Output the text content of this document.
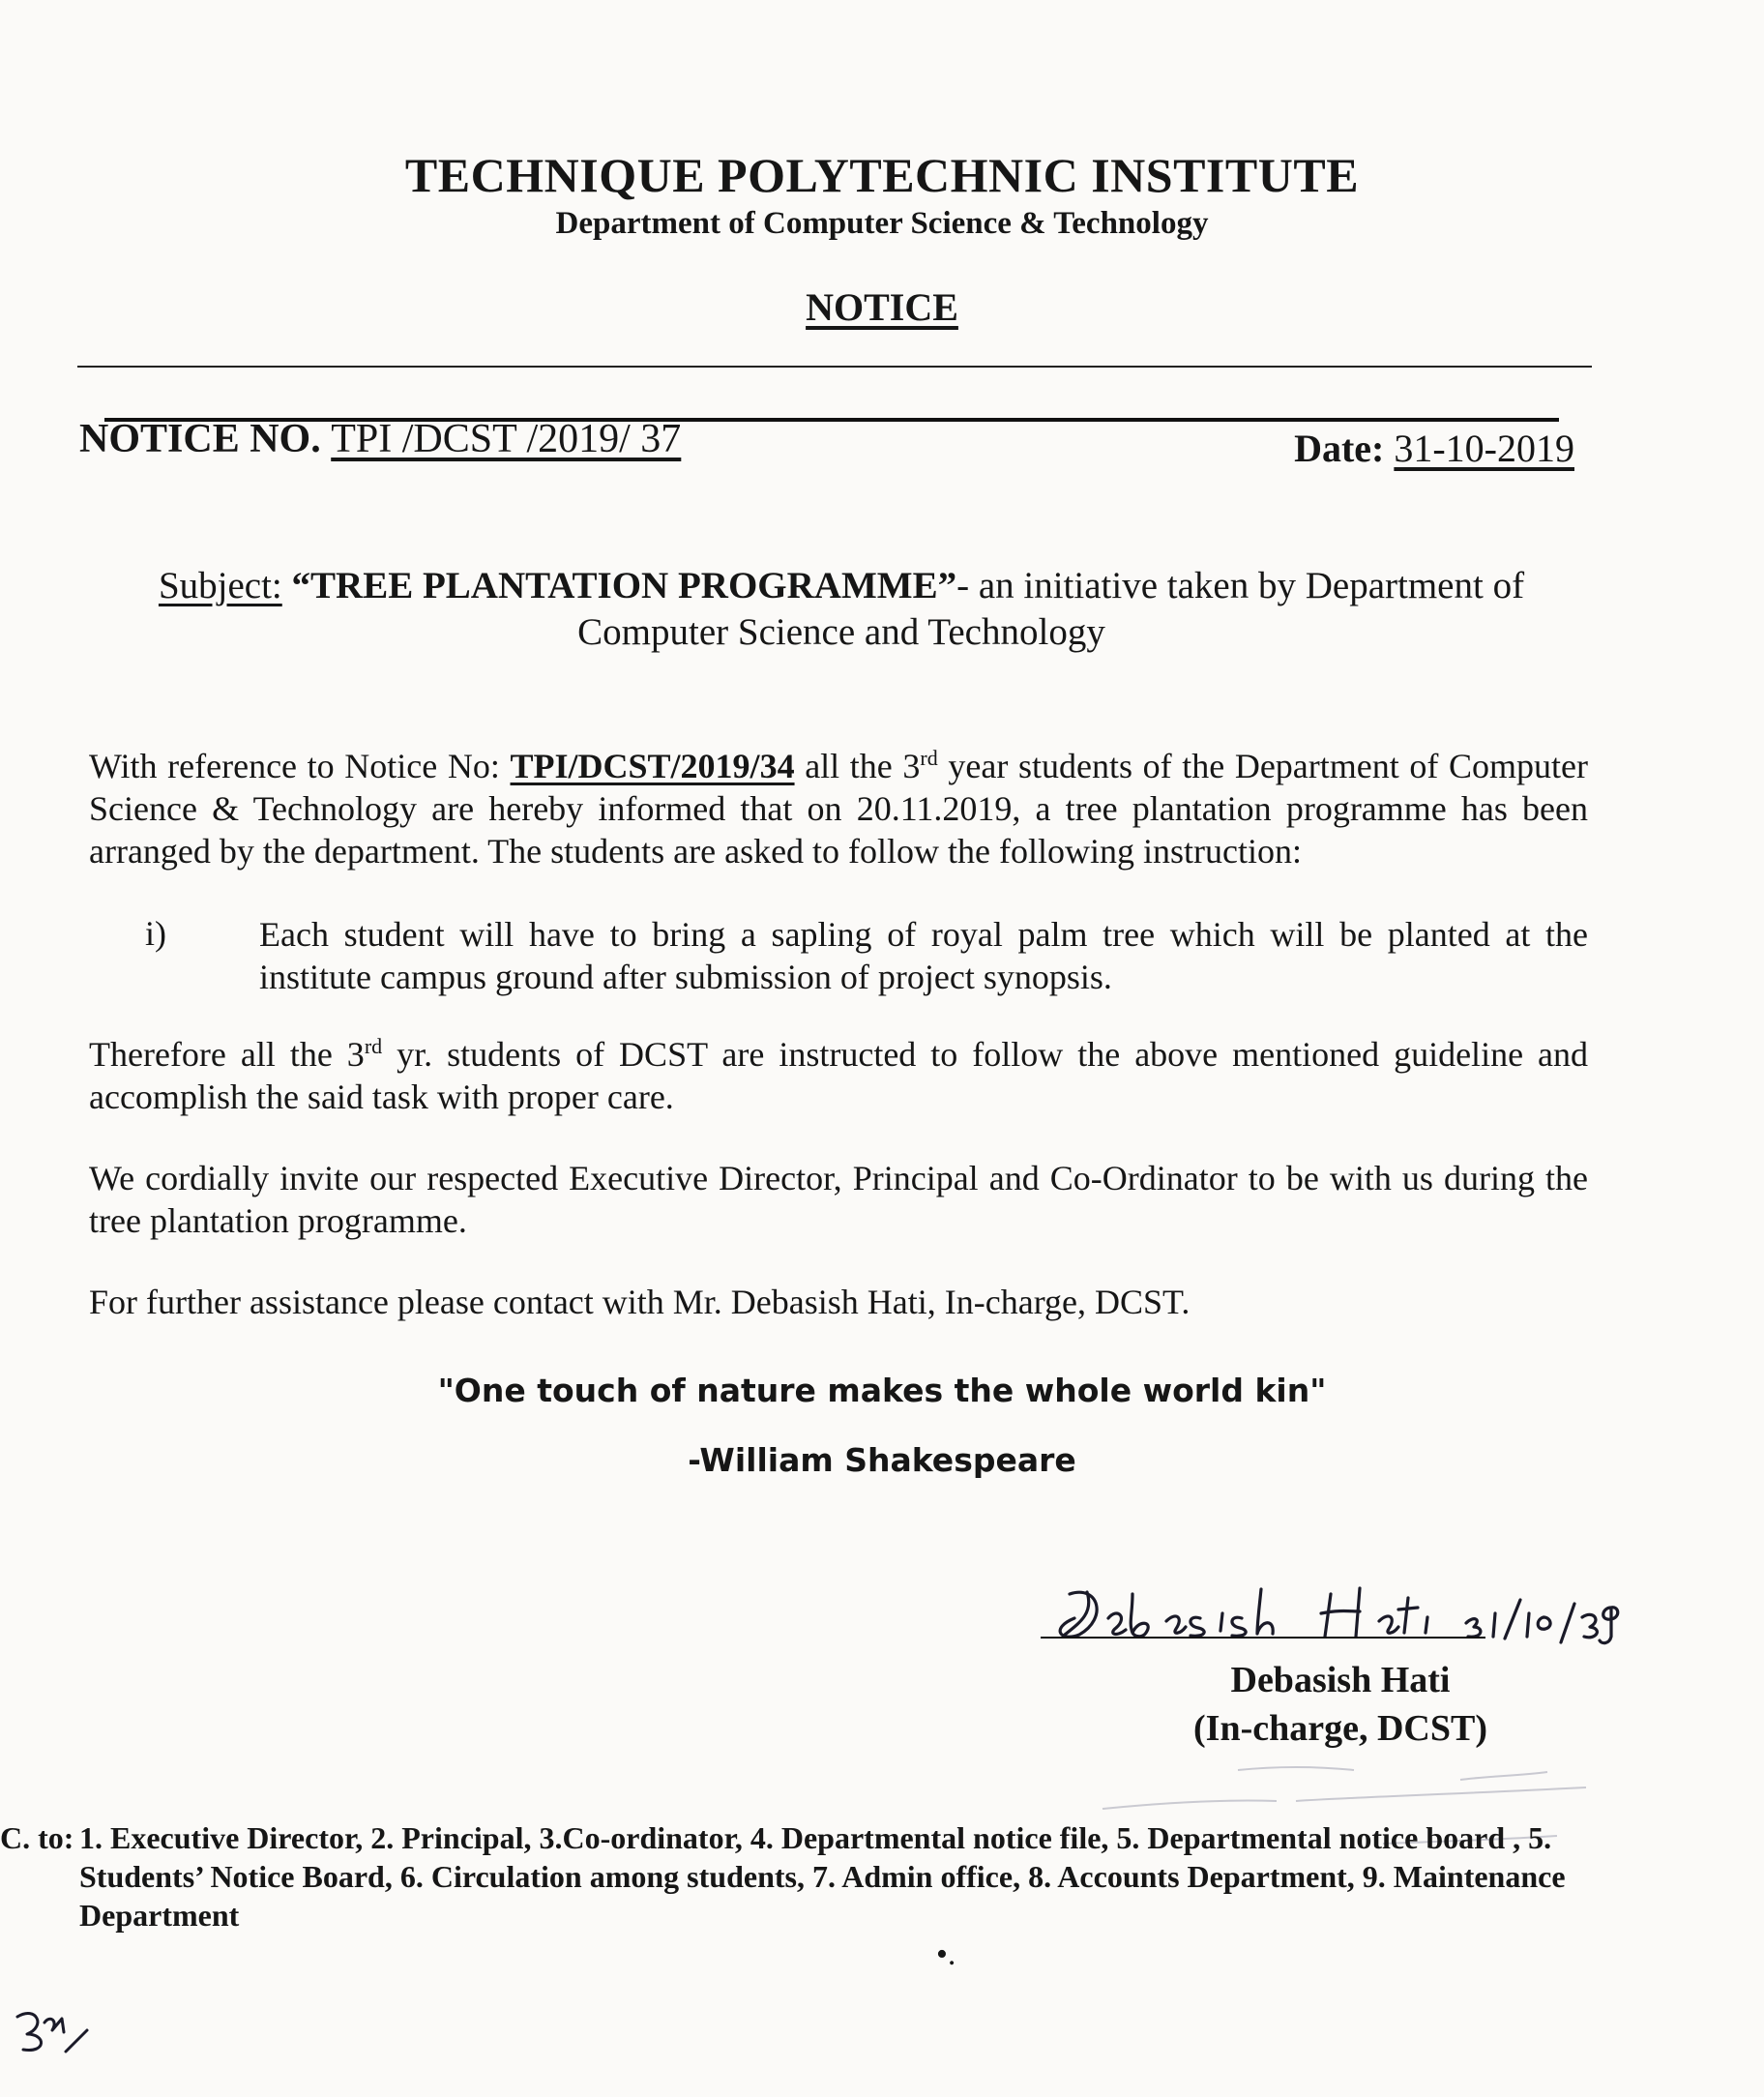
TECHNIQUE POLYTECHNIC INSTITUTE
Department of Computer Science & Technology
NOTICE
NOTICE NO. TPI /DCST /2019/ 37	Date: 31-10-2019
Subject: “TREE PLANTATION PROGRAMME”- an initiative taken by Department of Computer Science and Technology
With reference to Notice No: TPI/DCST/2019/34 all the 3rd year students of the Department of Computer Science & Technology are hereby informed that on 20.11.2019, a tree plantation programme has been arranged by the department. The students are asked to follow the following instruction:
i)	Each student will have to bring a sapling of royal palm tree which will be planted at the institute campus ground after submission of project synopsis.
Therefore all the 3rd yr. students of DCST are instructed to follow the above mentioned guideline and accomplish the said task with proper care.
We cordially invite our respected Executive Director, Principal and Co-Ordinator to be with us during the tree plantation programme.
For further assistance please contact with Mr. Debasish Hati, In-charge, DCST.
"One touch of nature makes the whole world kin"
-William Shakespeare
Debasish Hati
(In-charge, DCST)
C. to: 1. Executive Director, 2. Principal, 3.Co-ordinator, 4. Departmental notice file, 5. Departmental notice board , 5. Students’ Notice Board, 6. Circulation among students, 7. Admin office, 8. Accounts Department, 9. Maintenance Department
•.
